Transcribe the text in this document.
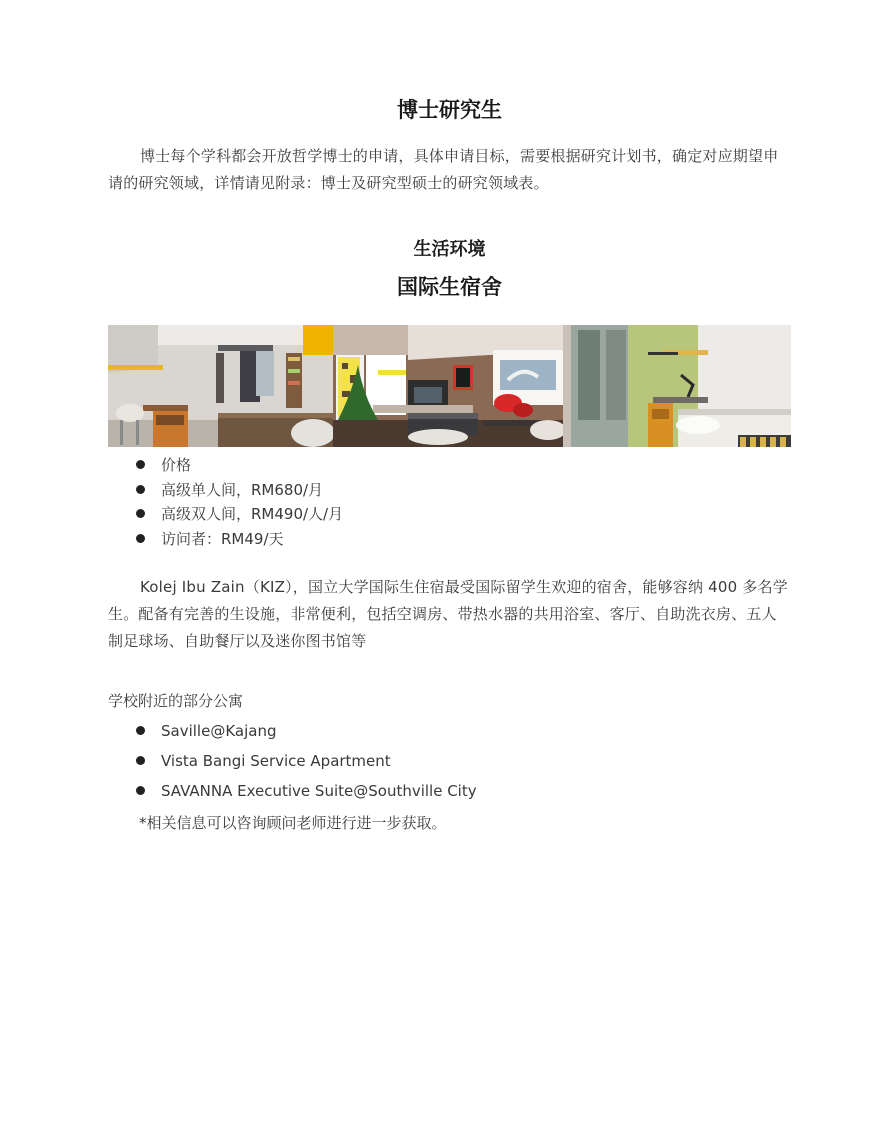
博士研究生

博士每个学科都会开放哲学博士的申请，具体申请目标，需要根据研究计划书，确定对应期望申请的研究领域，详情请见附录：博士及研究型硕士的研究领域表。

生活环境
国际生宿舍
价格
高级单人间，RM680/月
高级双人间，RM490/人/月
访问者：RM49/天

Kolej Ibu Zain（KIZ），国立大学国际生住宿最受国际留学生欢迎的宿舍，能够容纳 400 多名学生。配备有完善的生设施，非常便利，包括空调房、带热水器的共用浴室、客厅、自助洗衣房、五人制足球场、自助餐厅以及迷你图书馆等

学校附近的部分公寓

Saville@Kajang
Vista Bangi Service Apartment
SAVANNA Executive Suite@Southville City

*相关信息可以咨询顾问老师进行进一步获取。
